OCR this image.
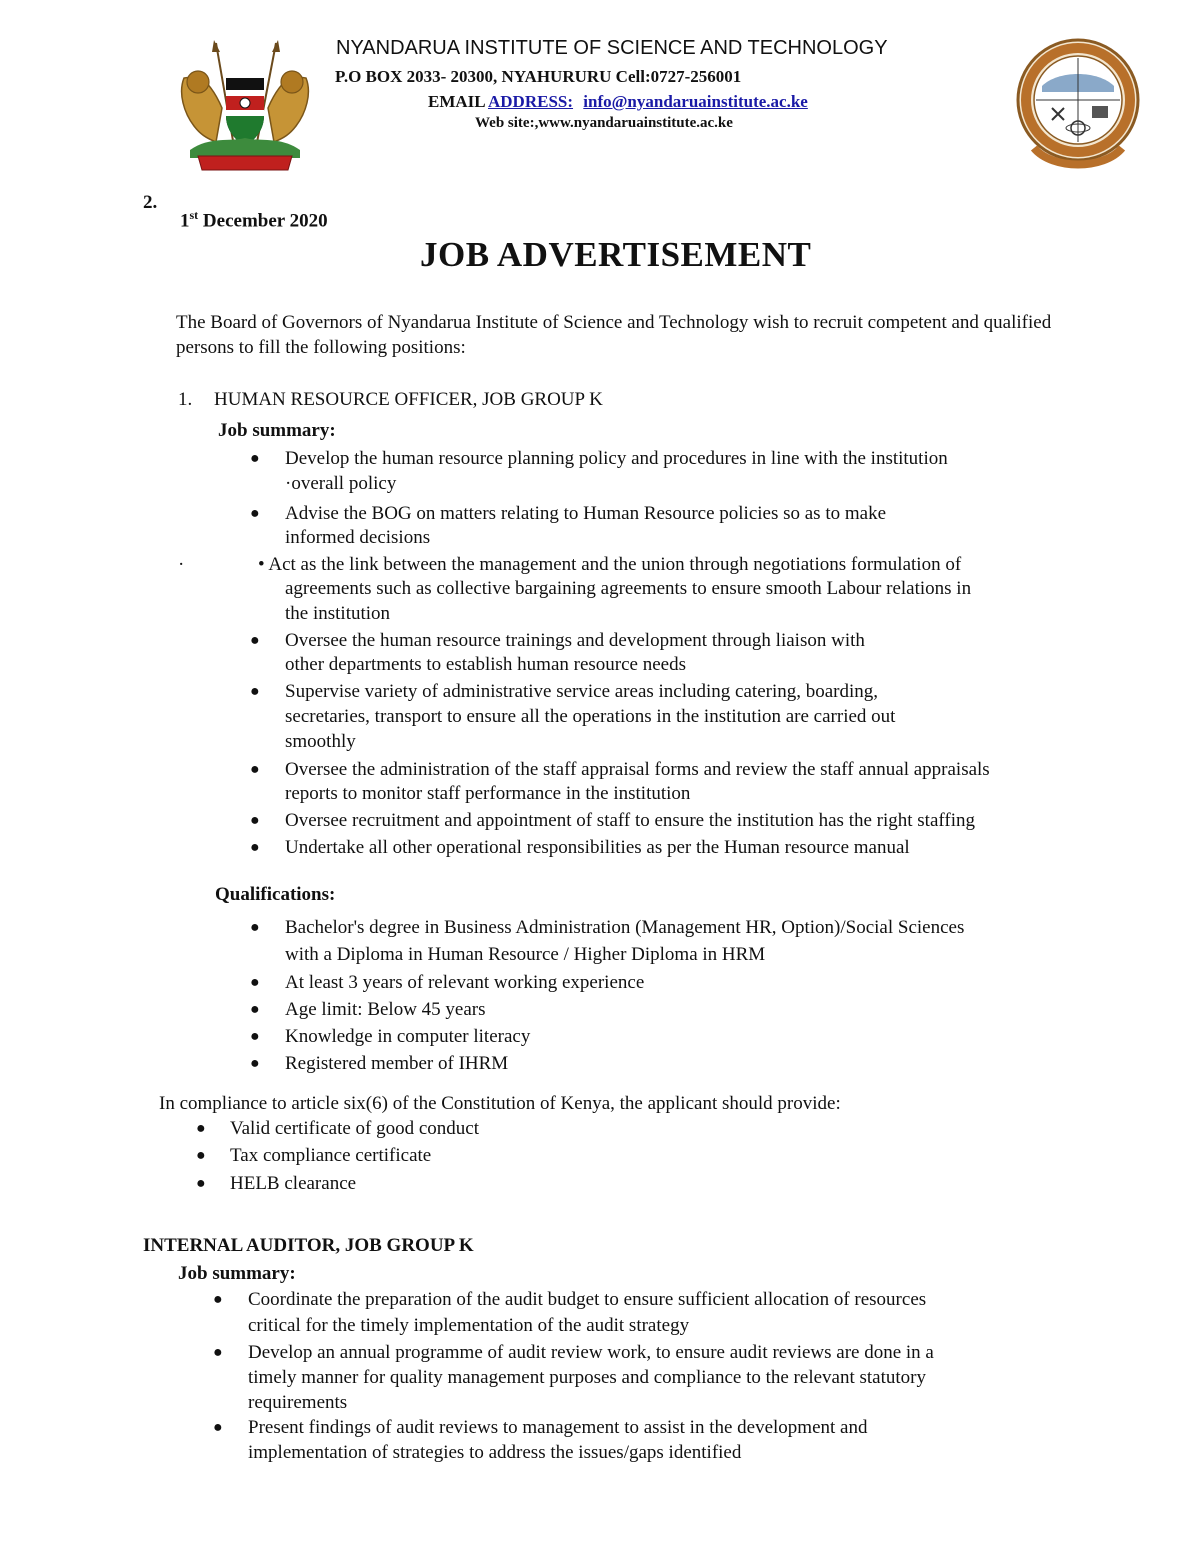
NYANDARUA INSTITUTE OF SCIENCE AND TECHNOLOGY
P.O BOX 2033- 20300, NYAHURURU Cell:0727-256001
EMAIL ADDRESS: info@nyandaruainstitute.ac.ke
Web site:,www.nyandaruainstitute.ac.ke
2.
1st December 2020
JOB ADVERTISEMENT
The Board of Governors of Nyandarua Institute of Science and Technology wish to recruit competent and qualified persons to fill the following positions:
1. HUMAN RESOURCE OFFICER, JOB GROUP K
Job summary:
● Develop the human resource planning policy and procedures in line with the institution
·overall policy
● Advise the BOG on matters relating to Human Resource policies so as to make
informed decisions
·	• Act as the link between the management and the union through negotiations formulation of
agreements such as collective bargaining agreements to ensure smooth Labour relations in
the institution
● Oversee the human resource trainings and development through liaison with
other departments to establish human resource needs
● Supervise variety of administrative service areas including catering, boarding,
secretaries, transport to ensure all the operations in the institution are carried out
smoothly
● Oversee the administration of the staff appraisal forms and review the staff annual appraisals
reports to monitor staff performance in the institution
● Oversee recruitment and appointment of staff to ensure the institution has the right staffing
● Undertake all other operational responsibilities as per the Human resource manual
Qualifications:
● Bachelor's degree in Business Administration (Management HR, Option)/Social Sciences
with a Diploma in Human Resource / Higher Diploma in HRM
● At least 3 years of relevant working experience
● Age limit: Below 45 years
● Knowledge in computer literacy
● Registered member of IHRM
In compliance to article six(6) of the Constitution of Kenya, the applicant should provide:
● Valid certificate of good conduct
● Tax compliance certificate
● HELB clearance
INTERNAL AUDITOR, JOB GROUP K
Job summary:
● Coordinate the preparation of the audit budget to ensure sufficient allocation of resources
critical for the timely implementation of the audit strategy
● Develop an annual programme of audit review work, to ensure audit reviews are done in a
timely manner for quality management purposes and compliance to the relevant statutory
requirements
● Present findings of audit reviews to management to assist in the development and
implementation of strategies to address the issues/gaps identified
